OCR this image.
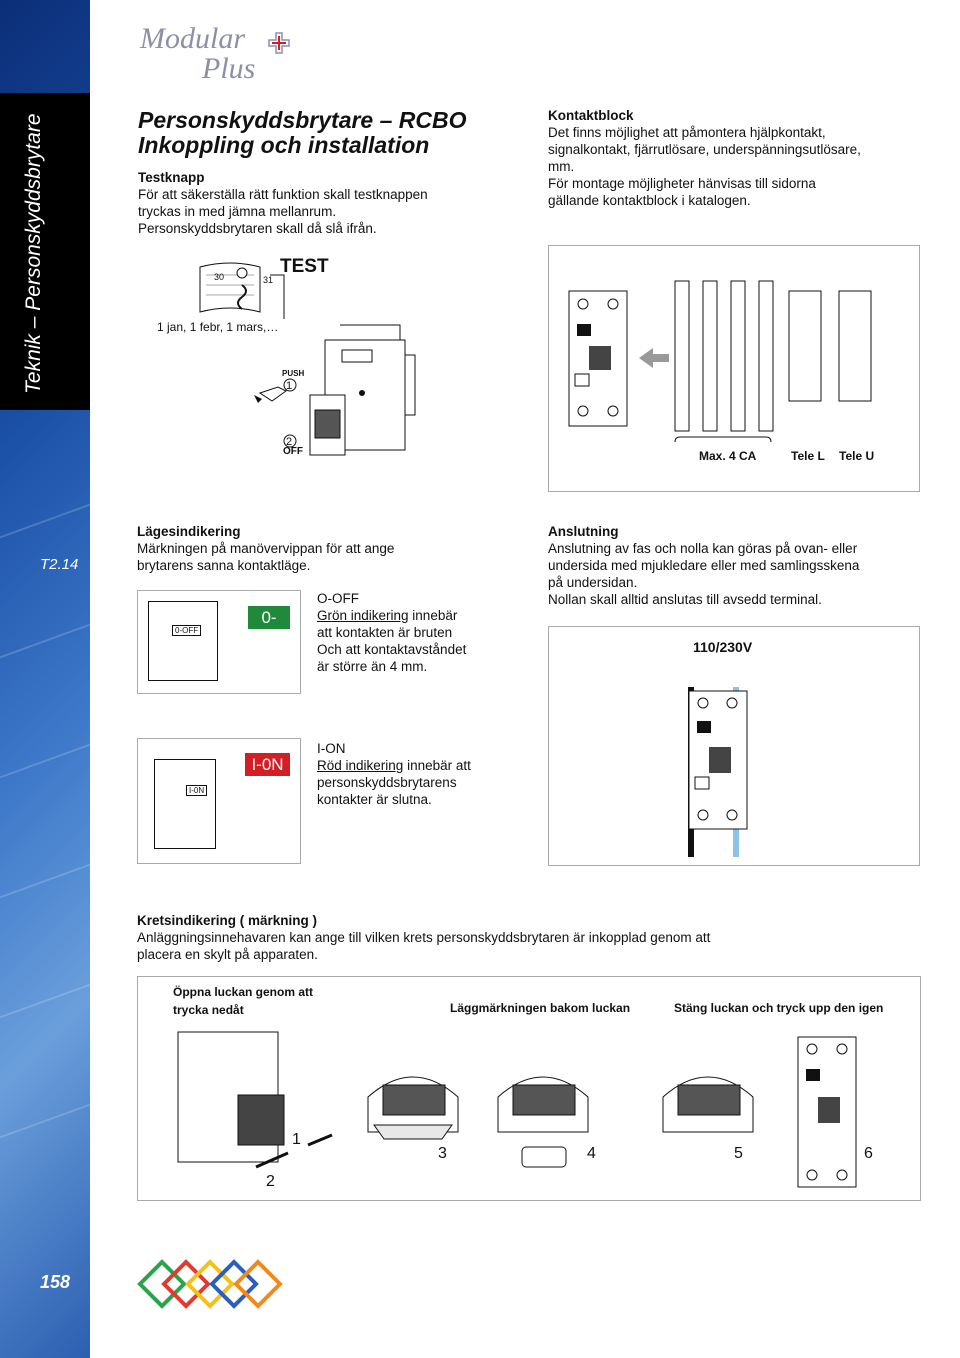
Teknik – Personskyddsbrytare
T2.14
158
Modular
Plus
Personskyddsbrytare – RCBO
Inkoppling och installation
Testknapp
För att säkerställa rätt funktion skall testknappen
tryckas in med jämna mellanrum.
Personskyddsbrytaren skall då slå ifrån.
TEST
30	31
1 jan, 1 febr, 1 mars,…
PUSH
1
2
OFF
Kontaktblock
Det finns möjlighet att påmontera hjälpkontakt,
signalkontakt, fjärrutlösare, underspänningsutlösare,
mm.
För montage möjligheter hänvisas till sidorna
gällande kontaktblock i katalogen.
Max. 4 CA	Tele L Tele U
Lägesindikering
Märkningen på manövervippan för att ange
brytarens sanna kontaktläge.
0-OFF
0-0FF
O-OFF
Grön indikering innebär
att kontakten är bruten
Och att kontaktavståndet
är större än 4 mm.
I-0N
I-0N
I-ON
Röd indikering innebär att
personskyddsbrytarens
kontakter är slutna.
Anslutning
Anslutning av fas och nolla kan göras på ovan- eller
undersida med mjukledare eller med samlingsskena
på undersidan.
Nollan skall alltid anslutas till avsedd terminal.
110/230V
Kretsindikering ( märkning )
Anläggningsinnehavaren kan ange till vilken krets personskyddsbrytaren är inkopplad genom att
placera en skylt på apparaten.
Öppna luckan genom att
trycka nedåt	Läggmärkningen bakom luckan	Stäng luckan och tryck upp den igen
1
2
3	4	5	6
